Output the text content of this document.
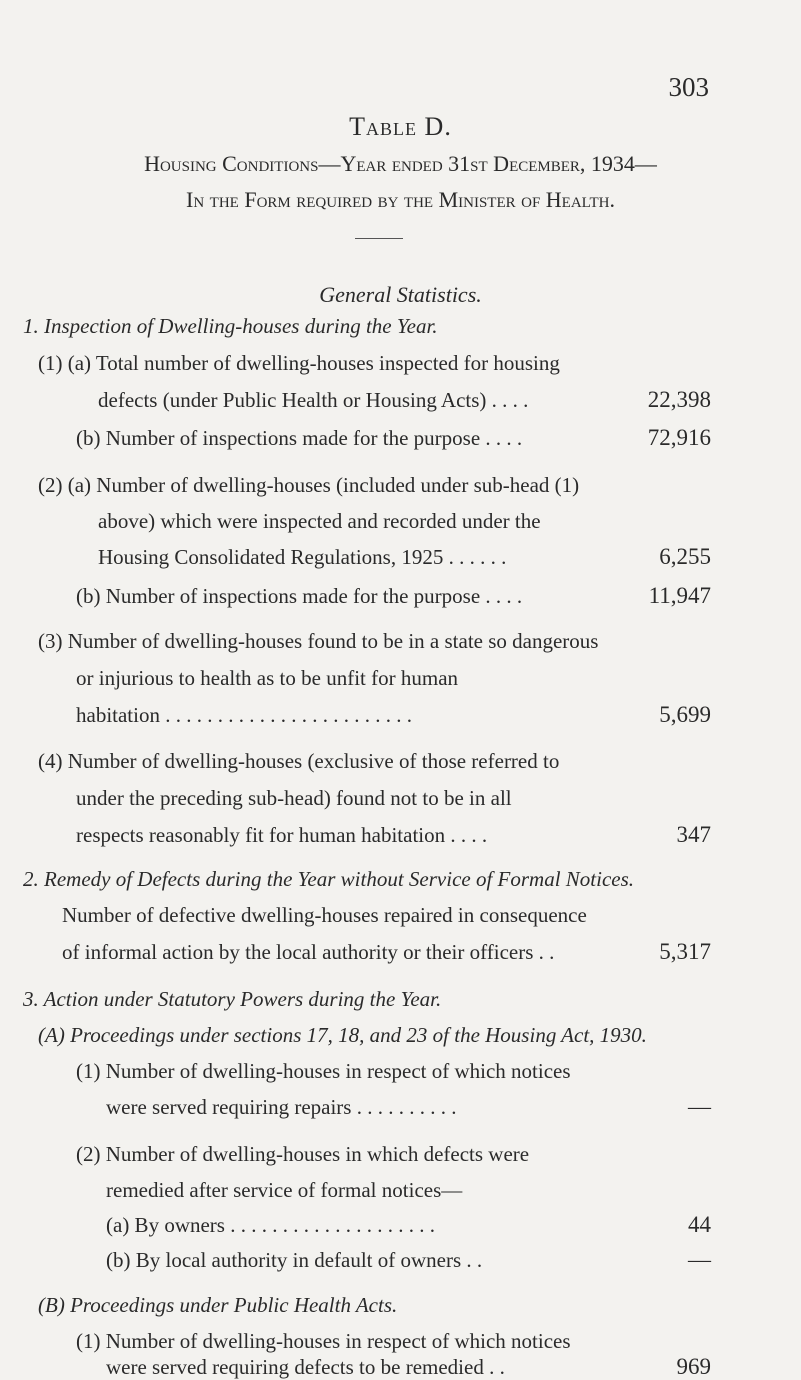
303
Table D.
Housing Conditions—Year ended 31st December, 1934—
In the Form required by the Minister of Health.
General Statistics.
1. Inspection of Dwelling-houses during the Year.
(1) (a) Total number of dwelling-houses inspected for housing
defects (under Public Health or Housing Acts) . . . .	22,398
(b) Number of inspections made for the purpose . . . .	72,916
(2) (a) Number of dwelling-houses (included under sub-head (1)
above) which were inspected and recorded under the
Housing Consolidated Regulations, 1925 . . . . . .	6,255
(b) Number of inspections made for the purpose . . . .	11,947
(3) Number of dwelling-houses found to be in a state so dangerous
or injurious to health as to be unfit for human
habitation . . . . . . . . . . . . . . . . . . . . . . . .	5,699
(4) Number of dwelling-houses (exclusive of those referred to
under the preceding sub-head) found not to be in all
respects reasonably fit for human habitation . . . .	347
2. Remedy of Defects during the Year without Service of Formal Notices.
Number of defective dwelling-houses repaired in consequence
of informal action by the local authority or their officers . .	5,317
3. Action under Statutory Powers during the Year.
(A) Proceedings under sections 17, 18, and 23 of the Housing Act, 1930.
(1) Number of dwelling-houses in respect of which notices
were served requiring repairs . . . . . . . . . .	—
(2) Number of dwelling-houses in which defects were
remedied after service of formal notices—
(a) By owners . . . . . . . . . . . . . . . . . . . .	44
(b) By local authority in default of owners . .	—
(B) Proceedings under Public Health Acts.
(1) Number of dwelling-houses in respect of which notices
were served requiring defects to be remedied . .	969
